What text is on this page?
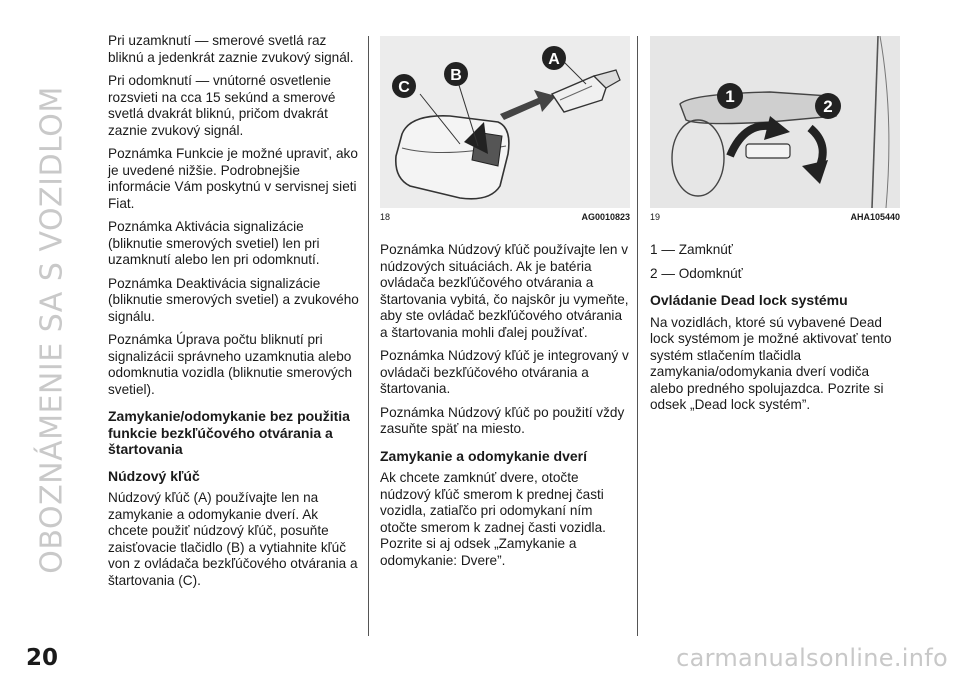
OBOZNÁMENIE SA S VOZIDLOM
20	carmanualsonline.info

Pri uzamknutí — smerové svetlá raz bliknú a jedenkrát zaznie zvukový signál.

Pri odomknutí — vnútorné osvetlenie rozsvieti na cca 15 sekúnd a smerové svetlá dvakrát bliknú, pričom dvakrát zaznie zvukový signál.

Poznámka Funkcie je možné upraviť, ako je uvedené nižšie. Podrobnejšie informácie Vám poskytnú v servisnej sieti Fiat.

Poznámka Aktivácia signalizácie (bliknutie smerových svetiel) len pri uzamknutí alebo len pri odomknutí.

Poznámka Deaktivácia signalizácie (bliknutie smerových svetiel) a zvukového signálu.

Poznámka Úprava počtu bliknutí pri signalizácii správneho uzamknutia alebo odomknutia vozidla (bliknutie smerových svetiel).

Zamykanie/odomykanie bez použitia funkcie bezkľúčového otvárania a štartovania
Núdzový kľúč

Núdzový kľúč (A) používajte len na zamykanie a odomykanie dverí. Ak chcete použiť núdzový kľúč, posuňte zaisťovacie tlačidlo (B) a vytiahnite kľúč von z ovládača bezkľúčového otvárania a štartovania (C).

C
B
A
18	AG0010823

Poznámka Núdzový kľúč používajte len v núdzových situáciách. Ak je batéria ovládača bezkľúčového otvárania a štartovania vybitá, čo najskôr ju vymeňte, aby ste ovládač bezkľúčového otvárania a štartovania mohli ďalej používať.

Poznámka Núdzový kľúč je integrovaný v ovládači bezkľúčového otvárania a štartovania.

Poznámka Núdzový kľúč po použití vždy zasuňte späť na miesto.

Zamykanie a odomykanie dverí

Ak chcete zamknúť dvere, otočte núdzový kľúč smerom k prednej časti vozidla, zatiaľčo pri odomykaní ním otočte smerom k zadnej časti vozidla. Pozrite si aj odsek „Zamykanie a odomykanie: Dvere”.

1
2
19	AHA105440

1 — Zamknúť

2 — Odomknúť

Ovládanie Dead lock systému

Na vozidlách, ktoré sú vybavené Dead lock systémom je možné aktivovať tento systém stlačením tlačidla zamykania/odomykania dverí vodiča alebo predného spolujazdca. Pozrite si odsek „Dead lock systém”.
